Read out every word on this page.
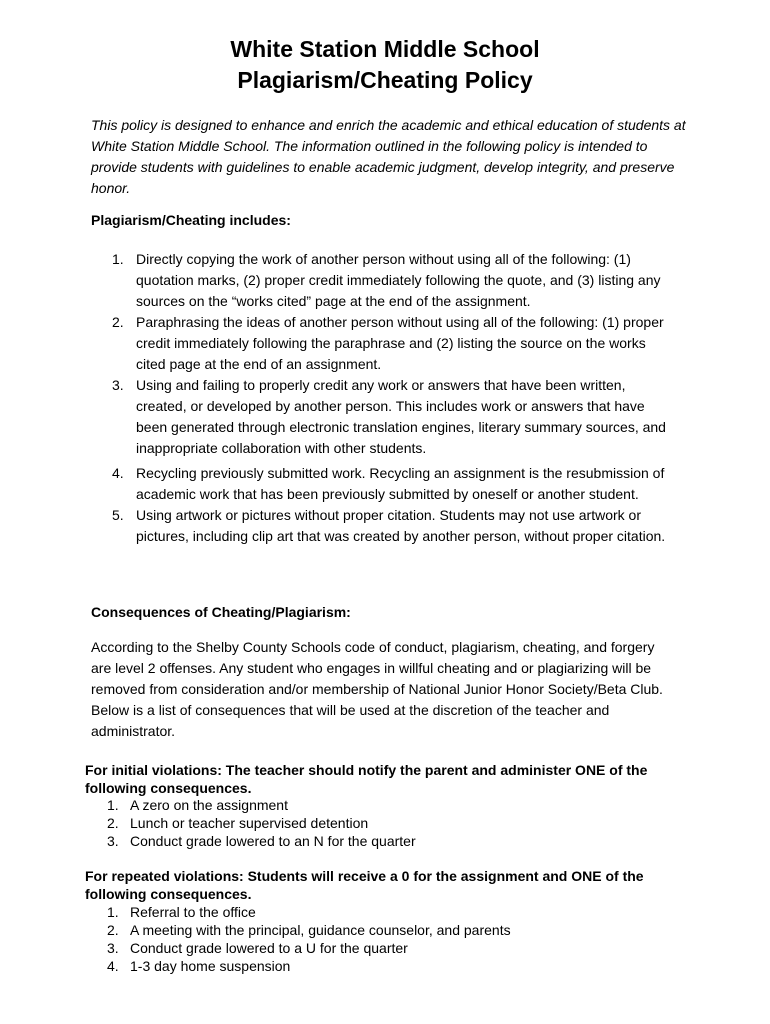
White Station Middle School
Plagiarism/Cheating Policy

This policy is designed to enhance and enrich the academic and ethical education of students at White Station Middle School. The information outlined in the following policy is intended to provide students with guidelines to enable academic judgment, develop integrity, and preserve honor.

Plagiarism/Cheating includes:
1. Directly copying the work of another person without using all of the following: (1) quotation marks, (2) proper credit immediately following the quote, and (3) listing any sources on the “works cited” page at the end of the assignment.
2. Paraphrasing the ideas of another person without using all of the following: (1) proper credit immediately following the paraphrase and (2) listing the source on the works cited page at the end of an assignment.
3. Using and failing to properly credit any work or answers that have been written, created, or developed by another person. This includes work or answers that have been generated through electronic translation engines, literary summary sources, and inappropriate collaboration with other students.
4. Recycling previously submitted work. Recycling an assignment is the resubmission of academic work that has been previously submitted by oneself or another student.
5. Using artwork or pictures without proper citation. Students may not use artwork or pictures, including clip art that was created by another person, without proper citation.
Consequences of Cheating/Plagiarism:

According to the Shelby County Schools code of conduct, plagiarism, cheating, and forgery are level 2 offenses. Any student who engages in willful cheating and or plagiarizing will be removed from consideration and/or membership of National Junior Honor Society/Beta Club. Below is a list of consequences that will be used at the discretion of the teacher and administrator.

For initial violations: The teacher should notify the parent and administer ONE of the following consequences.

1. A zero on the assignment
2. Lunch or teacher supervised detention
3. Conduct grade lowered to an N for the quarter

For repeated violations: Students will receive a 0 for the assignment and ONE of the following consequences.

1. Referral to the office
2. A meeting with the principal, guidance counselor, and parents
3. Conduct grade lowered to a U for the quarter
4. 1-3 day home suspension
